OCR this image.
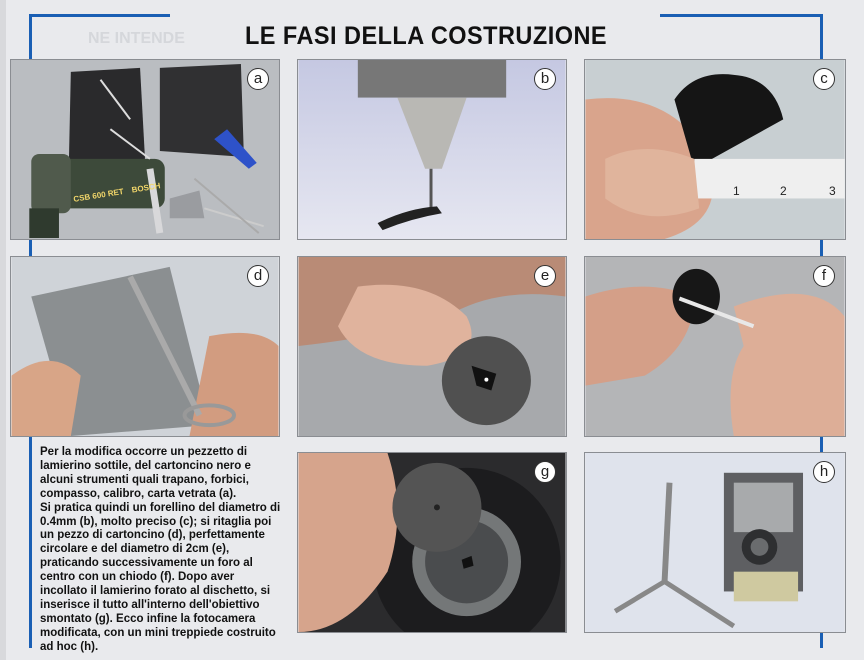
NE INTENDE	LE FASI DELLA COSTRUZIONE
CSB 600 RET BOSCH
a	b
1	2	3
c
d	e	f
Per la modifica occorre un pezzetto di
lamierino sottile, del cartoncino nero e
alcuni strumenti quali trapano, forbici,
compasso, calibro, carta vetrata (a).
Si pratica quindi un forellino del diametro di
0.4mm (b), molto preciso (c); si ritaglia poi
un pezzo di cartoncino (d), perfettamente
circolare e del diametro di 2cm (e),
praticando successivamente un foro al
centro con un chiodo (f). Dopo aver
incollato il lamierino forato al dischetto, si
inserisce il tutto all'interno dell'obiettivo
smontato (g). Ecco infine la fotocamera
modificata, con un mini treppiede costruito
ad hoc (h).
g	h
